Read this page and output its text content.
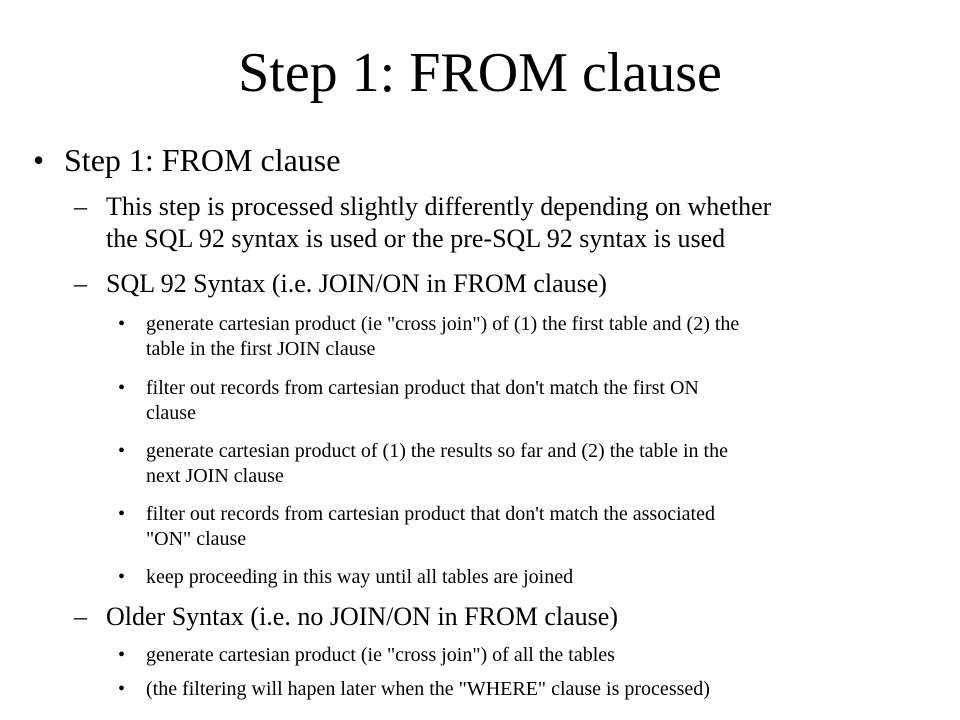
Step 1: FROM clause
• Step 1: FROM clause
– This step is processed slightly differently depending on whether
the SQL 92 syntax is used or the pre-SQL 92 syntax is used
– SQL 92 Syntax (i.e. JOIN/ON in FROM clause)
• generate cartesian product (ie "cross join") of (1) the first table and (2) the
table in the first JOIN clause
• filter out records from cartesian product that don't match the first ON
clause
• generate cartesian product of (1) the results so far and (2) the table in the
next JOIN clause
• filter out records from cartesian product that don't match the associated
"ON" clause
• keep proceeding in this way until all tables are joined
– Older Syntax (i.e. no JOIN/ON in FROM clause)
• generate cartesian product (ie "cross join") of all the tables
• (the filtering will hapen later when the "WHERE" clause is processed)
